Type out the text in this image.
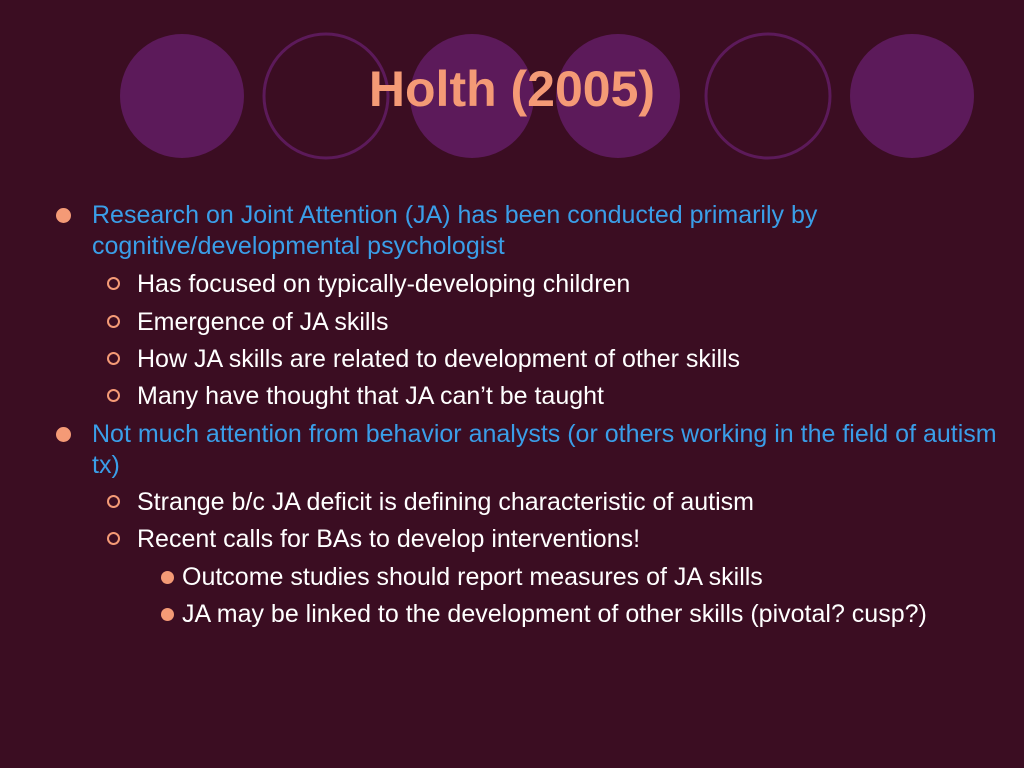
Holth (2005)
Research on Joint Attention (JA) has been conducted primarily by cognitive/developmental psychologist
Has focused on typically-developing children
Emergence of JA skills
How JA skills are related to development of other skills
Many have thought that JA can’t be taught
Not much attention from behavior analysts (or others working in the field of autism tx)
Strange b/c JA deficit is defining characteristic of autism
Recent calls for BAs to develop interventions!
Outcome studies should report measures of JA skills
JA may be linked to the development of other skills (pivotal? cusp?)
